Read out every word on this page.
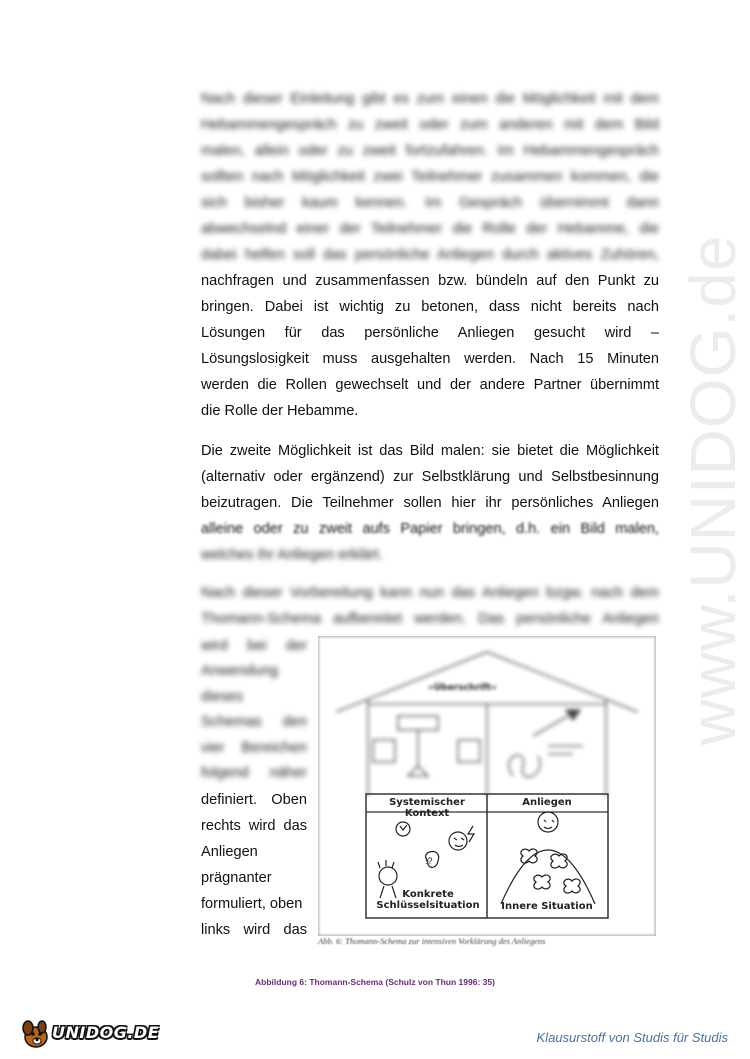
www.UNIDOG.de
Nach dieser Einleitung gibt es zum einen die Möglichkeit mit dem
Hebammengespräch zu zweit oder zum anderen mit dem Bild
malen, allein oder zu zweit fortzufahren. Im Hebammengespräch
sollten nach Möglichkeit zwei Teilnehmer zusammen kommen, die
sich bisher kaum kennen. Im Gespräch übernimmt dann
abwechselnd einer der Teilnehmer die Rolle der Hebamme, die
dabei helfen soll das persönliche Anliegen durch aktives Zuhören,
nachfragen und zusammenfassen bzw. bündeln auf den Punkt zu
bringen. Dabei ist wichtig zu betonen, dass nicht bereits nach
Lösungen für das persönliche Anliegen gesucht wird –
Lösungslosigkeit muss ausgehalten werden. Nach 15 Minuten
werden die Rollen gewechselt und der andere Partner übernimmt
die Rolle der Hebamme.
Die zweite Möglichkeit ist das Bild malen: sie bietet die Möglichkeit
(alternativ oder ergänzend) zur Selbstklärung und Selbstbesinnung
beizutragen. Die Teilnehmer sollen hier ihr persönliches Anliegen
alleine oder zu zweit aufs Papier bringen, d.h. ein Bild malen,
welches ihr Anliegen erklärt.
Nach dieser Vorbereitung kann nun das Anliegen bzgw. nach dem
Thomann-Schema aufbereitet werden. Das persönliche Anliegen
wird bei der
Anwendung
dieses
Schemas den
vier Bereichen
folgend näher
definiert. Oben
rechts wird das
Anliegen
prägnanter
formuliert, oben
links wird das
!?
»Überschrift«
Systemischer Kontext
Anliegen
Konkrete
Schlüsselsituation	Innere Situation
Abb. 6: Thomann-Schema zur intensiven Vorklärung des Anliegens
Abbildung 6: Thomann-Schema (Schulz von Thun 1996: 35)
UNIDOG.DE	Klausurstoff von Studis für Studis
